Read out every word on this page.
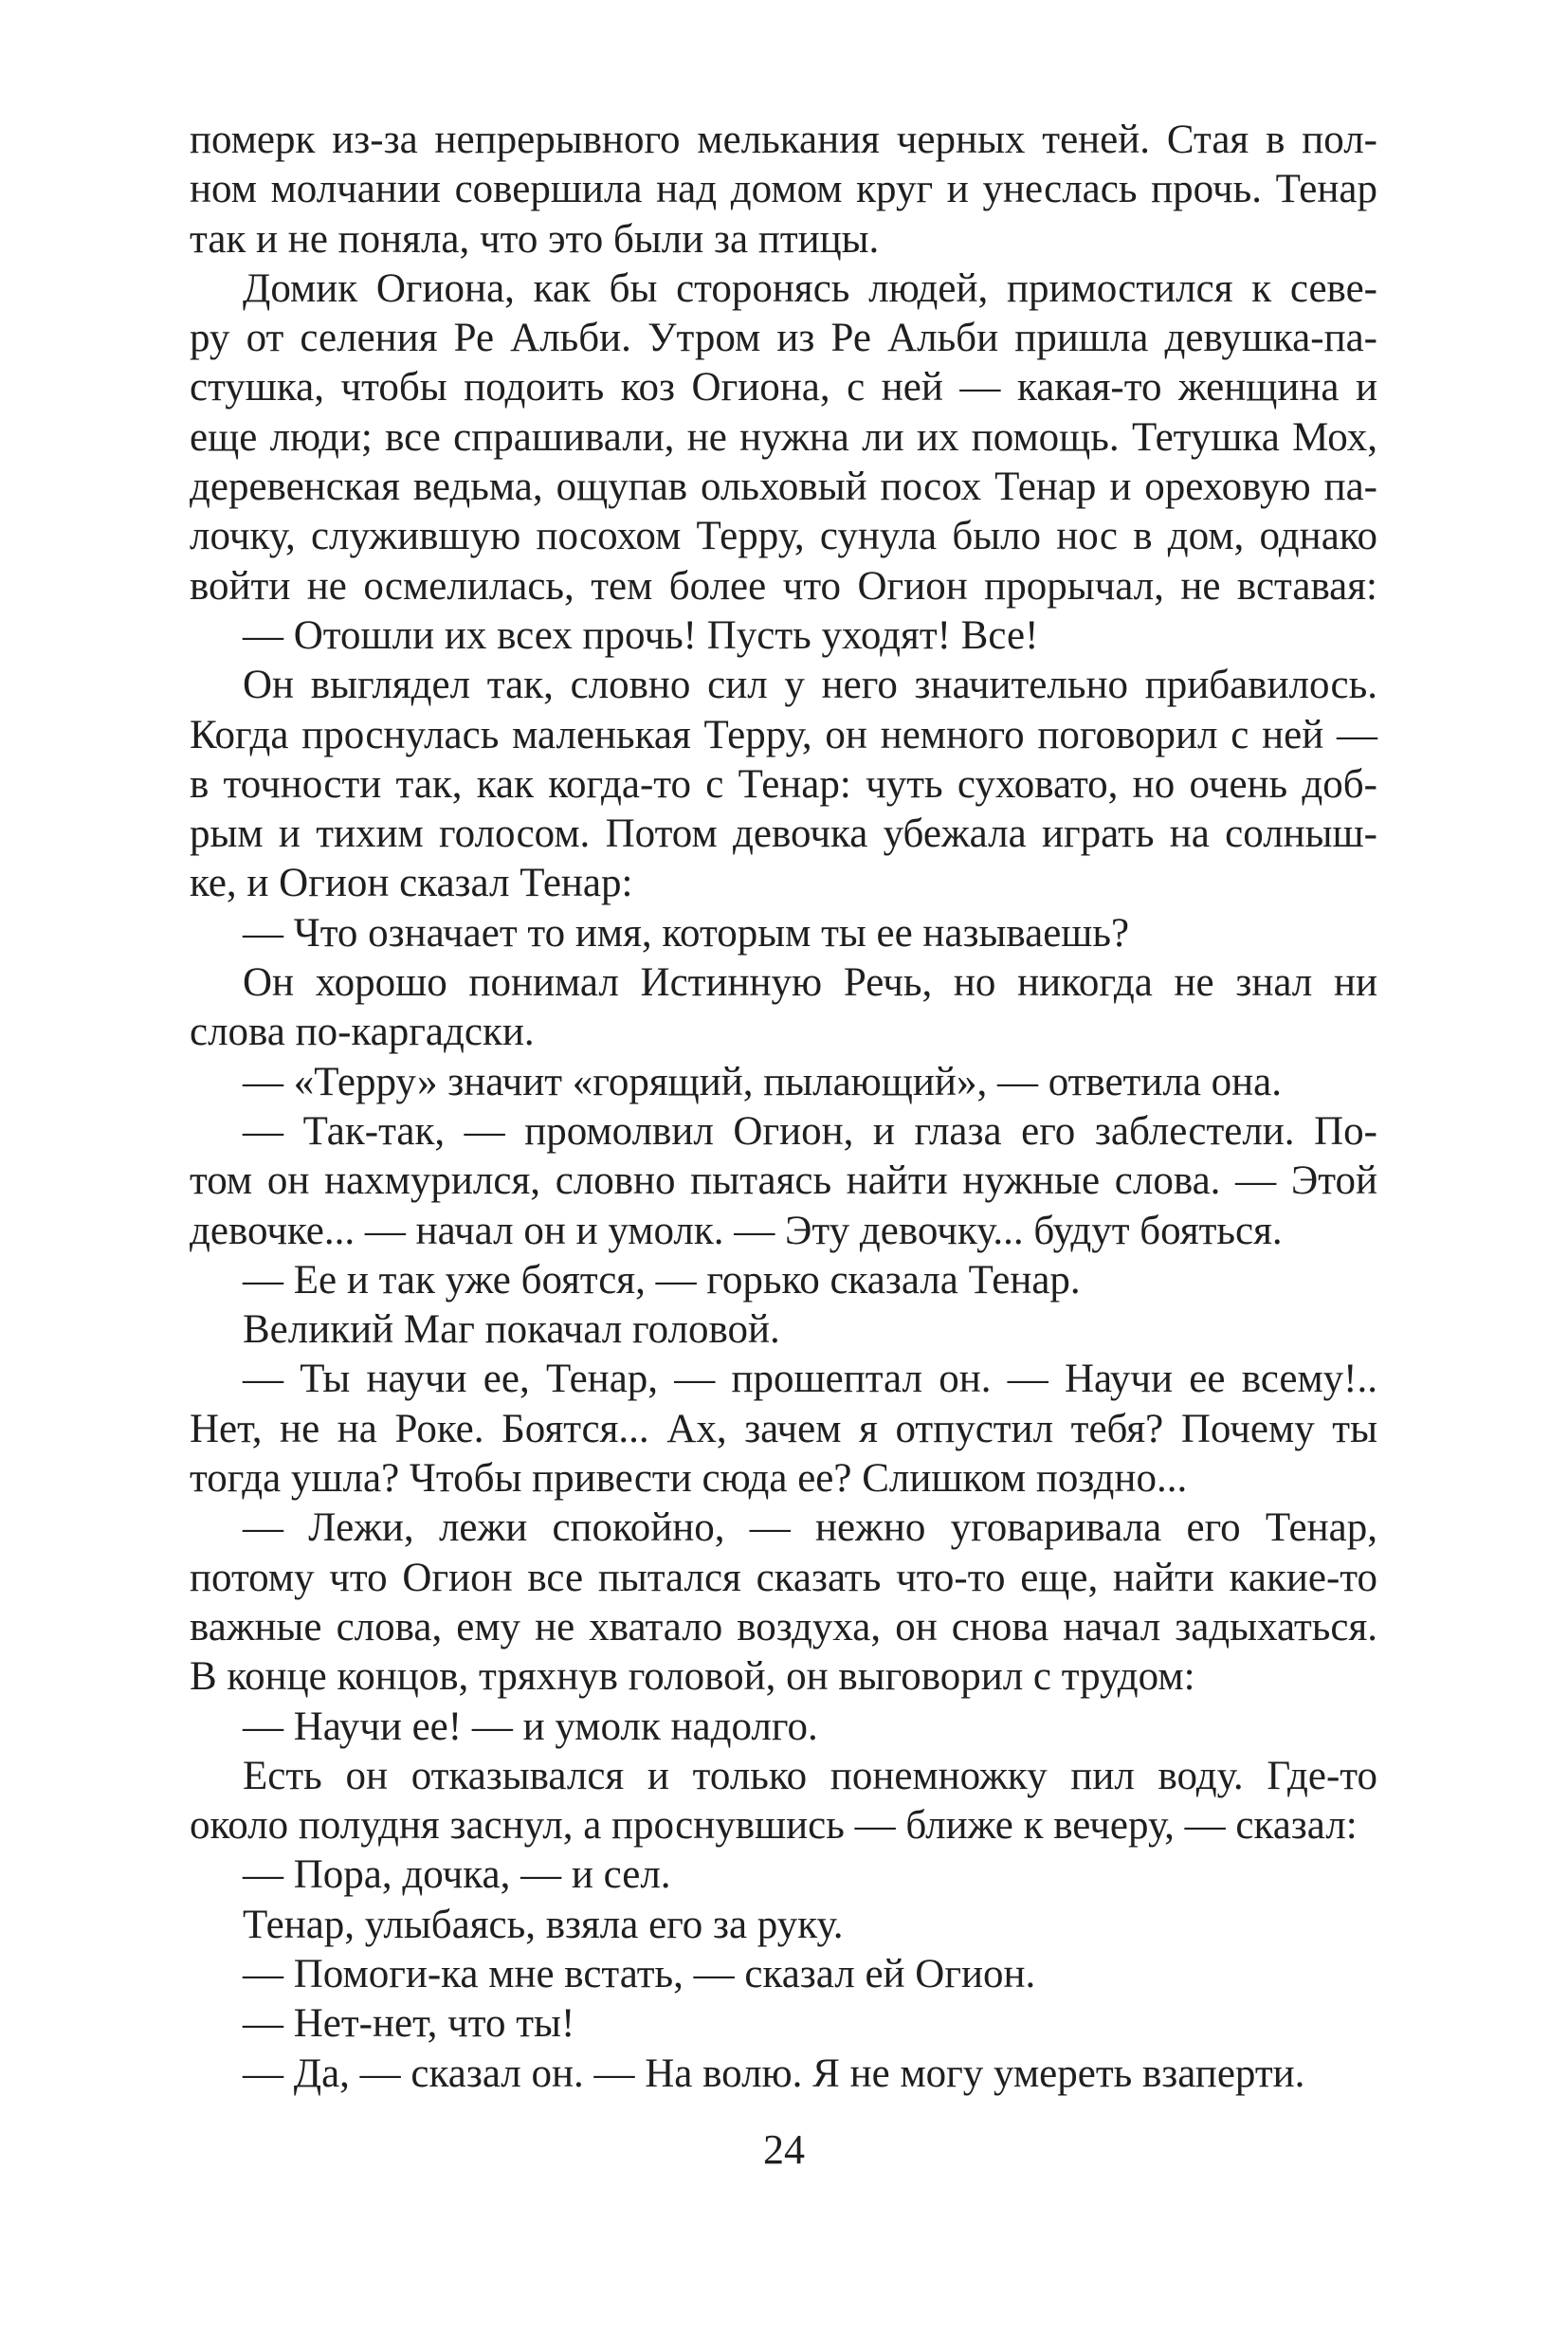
померк из-за непрерывного мелькания черных теней. Стая в пол-
ном молчании совершила над домом круг и унеслась прочь. Тенар
так и не поняла, что это были за птицы.

Домик Огиона, как бы сторонясь людей, примостился к севе-
ру от селения Ре Альби. Утром из Ре Альби пришла девушка-па-
стушка, чтобы подоить коз Огиона, с ней — какая-то женщина и
еще люди; все спрашивали, не нужна ли их помощь. Тетушка Мох,
деревенская ведьма, ощупав ольховый посох Тенар и ореховую па-
лочку, служившую посохом Терру, сунула было нос в дом, однако
войти не осмелилась, тем более что Огион прорычал, не вставая:

— Отошли их всех прочь! Пусть уходят! Все!

Он выглядел так, словно сил у него значительно прибавилось.
Когда проснулась маленькая Терру, он немного поговорил с ней —
в точности так, как когда-то с Тенар: чуть суховато, но очень доб-
рым и тихим голосом. Потом девочка убежала играть на солныш-
ке, и Огион сказал Тенар:

— Что означает то имя, которым ты ее называешь?

Он хорошо понимал Истинную Речь, но никогда не знал ни
слова по-каргадски.

— «Терру» значит «горящий, пылающий», — ответила она.

— Так-так, — промолвил Огион, и глаза его заблестели. По-
том он нахмурился, словно пытаясь найти нужные слова. — Этой
девочке... — начал он и умолк. — Эту девочку... будут бояться.

— Ее и так уже боятся, — горько сказала Тенар.

Великий Маг покачал головой.

— Ты научи ее, Тенар, — прошептал он. — Научи ее всему!..
Нет, не на Роке. Боятся... Ах, зачем я отпустил тебя? Почему ты
тогда ушла? Чтобы привести сюда ее? Слишком поздно...

— Лежи, лежи спокойно, — нежно уговаривала его Тенар,
потому что Огион все пытался сказать что-то еще, найти какие-то
важные слова, ему не хватало воздуха, он снова начал задыхаться.
В конце концов, тряхнув головой, он выговорил с трудом:

— Научи ее! — и умолк надолго.

Есть он отказывался и только понемножку пил воду. Где-то
около полудня заснул, а проснувшись — ближе к вечеру, — сказал:

— Пора, дочка, — и сел.

Тенар, улыбаясь, взяла его за руку.

— Помоги-ка мне встать, — сказал ей Огион.

— Нет-нет, что ты!

— Да, — сказал он. — На волю. Я не могу умереть взаперти.

24
